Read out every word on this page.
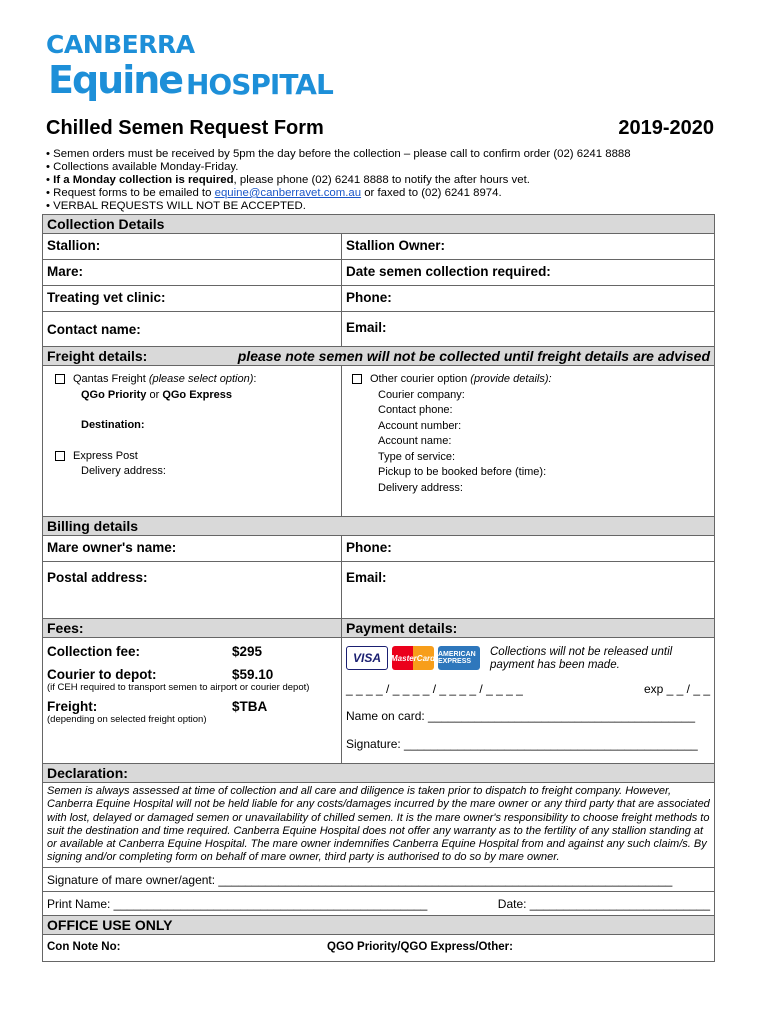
CANBERRA
Equine HOSPITAL
Chilled Semen Request Form	2019-2020
• Semen orders must be received by 5pm the day before the collection – please call to confirm order (02) 6241 8888
• Collections available Monday-Friday.
• If a Monday collection is required, please phone (02) 6241 8888 to notify the after hours vet.
• Request forms to be emailed to equine@canberravet.com.au or faxed to (02) 6241 8974.
• VERBAL REQUESTS WILL NOT BE ACCEPTED.
Collection Details
Stallion:	Stallion Owner:
Mare:	Date semen collection required:
Treating vet clinic:	Phone:
Contact name:	Email:
Freight details:	please note semen will not be collected until freight details are advised
Qantas Freight (please select option):
QGo Priority or QGo Express
Destination:
Express Post
Delivery address:
Other courier option (provide details):
Courier company:
Contact phone:
Account number:
Account name:
Type of service:
Pickup to be booked before (time):
Delivery address:
Billing details
Mare owner's name:	Phone:
Postal address:	Email:
Fees:	Payment details:
Collection fee:	$295
Courier to depot:	$59.10
(if CEH required to transport semen to airport or courier depot)
Freight:	$TBA
(depending on selected freight option)
VISA	MasterCard AMERICAN EXPRESS
Collections will not be released until payment has been made.
_ _ _ _ / _ _ _ _ / _ _ _ _ / _ _ _ _	exp _ _ / _ _
Name on card: ________________________________________
Signature: ____________________________________________
Declaration:
Semen is always assessed at time of collection and all care and diligence is taken prior to dispatch to freight company. However, Canberra Equine Hospital will not be held liable for any costs/damages incurred by the mare owner or any third party that are associated with lost, delayed or damaged semen or unavailability of chilled semen. It is the mare owner's responsibility to choose freight methods to suit the destination and time required. Canberra Equine Hospital does not offer any warranty as to the fertility of any stallion standing at or available at Canberra Equine Hospital. The mare owner indemnifies Canberra Equine Hospital from and against any such claim/s. By signing and/or completing form on behalf of mare owner, third party is authorised to do so by mare owner.
Signature of mare owner/agent: ____________________________________________________________________
Print Name: _______________________________________________	Date: ___________________________
OFFICE USE ONLY
Con Note No:	QGO Priority/QGO Express/Other:
